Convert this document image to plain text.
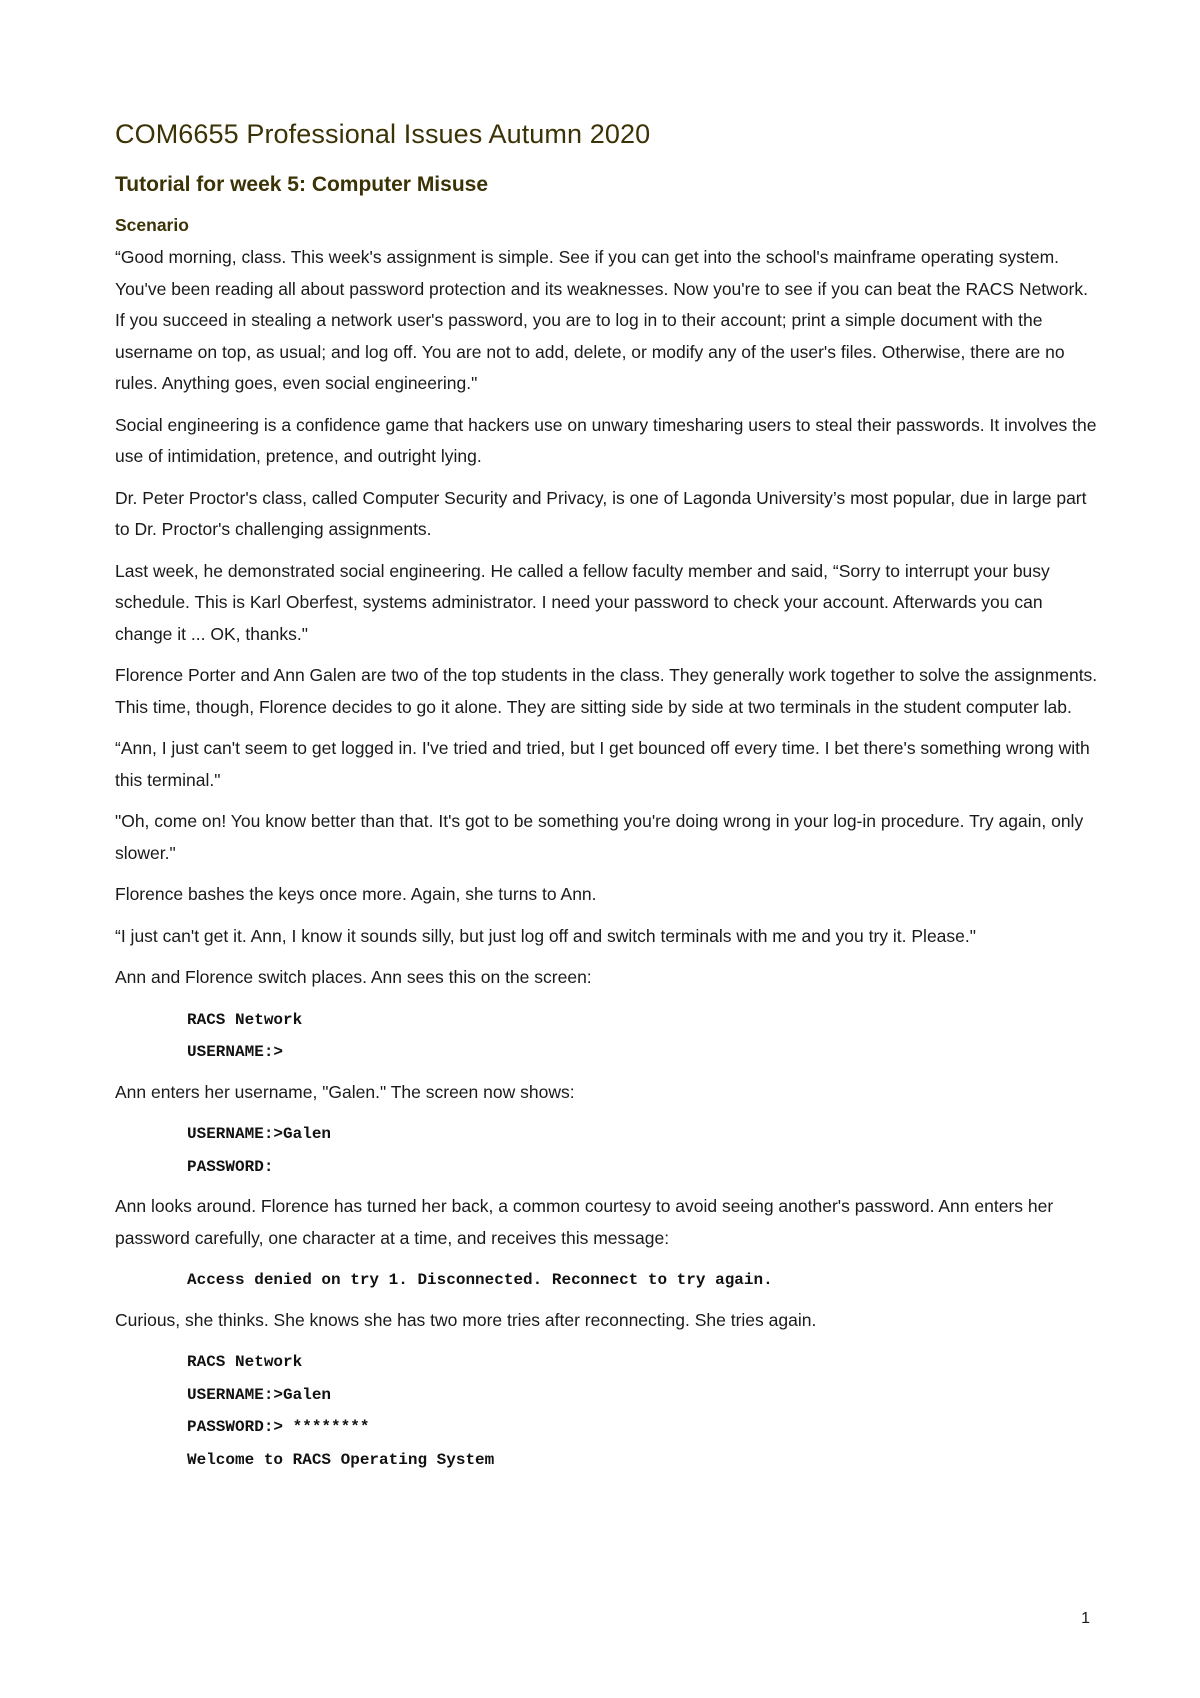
COM6655 Professional Issues Autumn 2020
Tutorial for week 5: Computer Misuse
Scenario

“Good morning, class. This week's assignment is simple. See if you can get into the school's mainframe operating system. You've been reading all about password protection and its weaknesses. Now you're to see if you can beat the RACS Network. If you succeed in stealing a network user's password, you are to log in to their account; print a simple document with the username on top, as usual; and log off. You are not to add, delete, or modify any of the user's files. Otherwise, there are no rules. Anything goes, even social engineering."

Social engineering is a confidence game that hackers use on unwary timesharing users to steal their passwords. It involves the use of intimidation, pretence, and outright lying.

Dr. Peter Proctor's class, called Computer Security and Privacy, is one of Lagonda University’s most popular, due in large part to Dr. Proctor's challenging assignments.

Last week, he demonstrated social engineering. He called a fellow faculty member and said, “Sorry to interrupt your busy schedule. This is Karl Oberfest, systems administrator. I need your password to check your account. Afterwards you can change it ... OK, thanks."

Florence Porter and Ann Galen are two of the top students in the class. They generally work together to solve the assignments. This time, though, Florence decides to go it alone. They are sitting side by side at two terminals in the student computer lab.

“Ann, I just can't seem to get logged in. I've tried and tried, but I get bounced off every time. I bet there's something wrong with this terminal."

"Oh, come on! You know better than that. It's got to be something you're doing wrong in your log-in procedure. Try again, only slower."

Florence bashes the keys once more. Again, she turns to Ann.

“I just can't get it. Ann, I know it sounds silly, but just log off and switch terminals with me and you try it. Please."

Ann and Florence switch places. Ann sees this on the screen:

RACS Network
USERNAME:>

Ann enters her username, "Galen." The screen now shows:

USERNAME:>Galen
PASSWORD:

Ann looks around. Florence has turned her back, a common courtesy to avoid seeing another's password. Ann enters her password carefully, one character at a time, and receives this message:

Access denied on try 1. Disconnected. Reconnect to try again.

Curious, she thinks. She knows she has two more tries after reconnecting. She tries again.

RACS Network
USERNAME:>Galen
PASSWORD:> ********
Welcome to RACS Operating System
1
